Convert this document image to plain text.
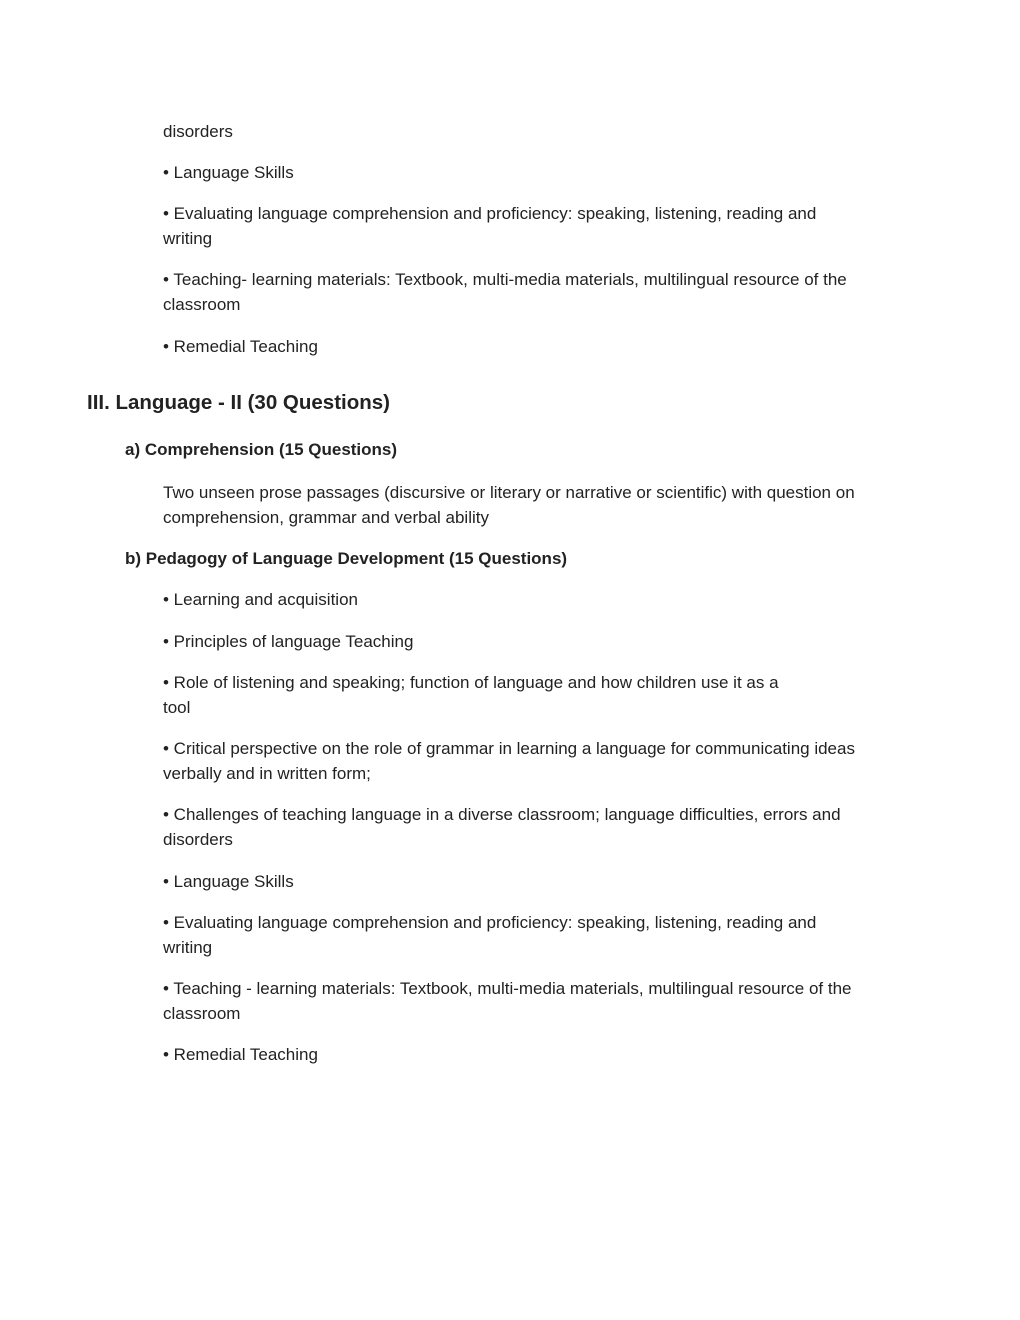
disorders
• Language Skills
• Evaluating language comprehension and proficiency: speaking, listening, reading and
writing
• Teaching- learning materials: Textbook, multi-media materials, multilingual resource of the
classroom
• Remedial Teaching
III. Language - II (30 Questions)
a) Comprehension (15 Questions)
Two unseen prose passages (discursive or literary or narrative or scientific) with question on
comprehension, grammar and verbal ability
b) Pedagogy of Language Development (15 Questions)
• Learning and acquisition
• Principles of language Teaching
• Role of listening and speaking; function of language and how children use it as a
tool
• Critical perspective on the role of grammar in learning a language for communicating ideas
verbally and in written form;
• Challenges of teaching language in a diverse classroom; language difficulties, errors and
disorders
• Language Skills
• Evaluating language comprehension and proficiency: speaking, listening, reading and
writing
• Teaching - learning materials: Textbook, multi-media materials, multilingual resource of the
classroom
• Remedial Teaching
